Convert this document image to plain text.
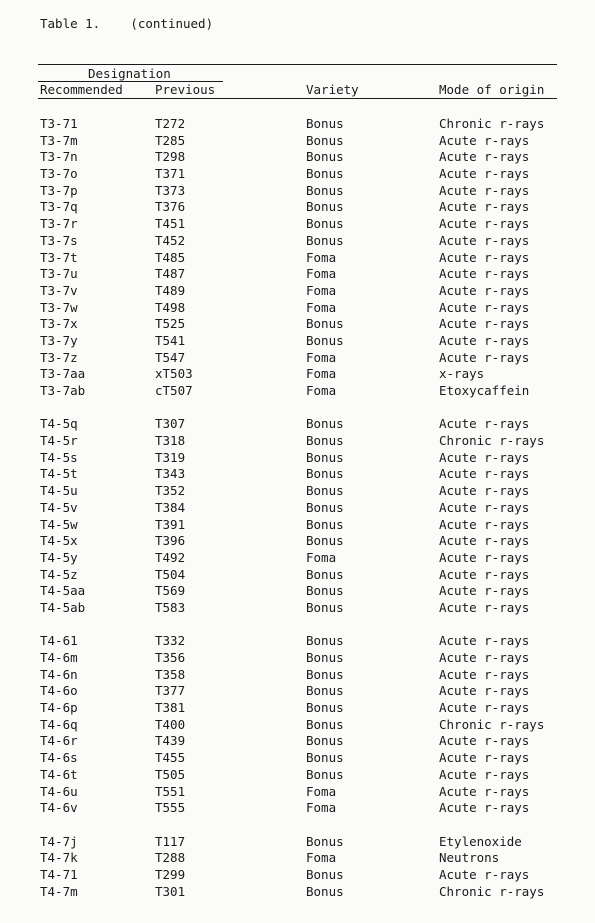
Table 1. (continued)
Designation
Recommended	Previous	Variety	Mode of origin
T3-71	T272	Bonus	Chronic r-rays
T3-7m	T285	Bonus	Acute r-rays
T3-7n	T298	Bonus	Acute r-rays
T3-7o	T371	Bonus	Acute r-rays
T3-7p	T373	Bonus	Acute r-rays
T3-7q	T376	Bonus	Acute r-rays
T3-7r	T451	Bonus	Acute r-rays
T3-7s	T452	Bonus	Acute r-rays
T3-7t	T485	Foma	Acute r-rays
T3-7u	T487	Foma	Acute r-rays
T3-7v	T489	Foma	Acute r-rays
T3-7w	T498	Foma	Acute r-rays
T3-7x	T525	Bonus	Acute r-rays
T3-7y	T541	Bonus	Acute r-rays
T3-7z	T547	Foma	Acute r-rays
T3-7aa	xT503	Foma	x-rays
T3-7ab	cT507	Foma	Etoxycaffein
T4-5q	T307	Bonus	Acute r-rays
T4-5r	T318	Bonus	Chronic r-rays
T4-5s	T319	Bonus	Acute r-rays
T4-5t	T343	Bonus	Acute r-rays
T4-5u	T352	Bonus	Acute r-rays
T4-5v	T384	Bonus	Acute r-rays
T4-5w	T391	Bonus	Acute r-rays
T4-5x	T396	Bonus	Acute r-rays
T4-5y	T492	Foma	Acute r-rays
T4-5z	T504	Bonus	Acute r-rays
T4-5aa	T569	Bonus	Acute r-rays
T4-5ab	T583	Bonus	Acute r-rays
T4-61	T332	Bonus	Acute r-rays
T4-6m	T356	Bonus	Acute r-rays
T4-6n	T358	Bonus	Acute r-rays
T4-6o	T377	Bonus	Acute r-rays
T4-6p	T381	Bonus	Acute r-rays
T4-6q	T400	Bonus	Chronic r-rays
T4-6r	T439	Bonus	Acute r-rays
T4-6s	T455	Bonus	Acute r-rays
T4-6t	T505	Bonus	Acute r-rays
T4-6u	T551	Foma	Acute r-rays
T4-6v	T555	Foma	Acute r-rays
T4-7j	T117	Bonus	Etylenoxide
T4-7k	T288	Foma	Neutrons
T4-71	T299	Bonus	Acute r-rays
T4-7m	T301	Bonus	Chronic r-rays
